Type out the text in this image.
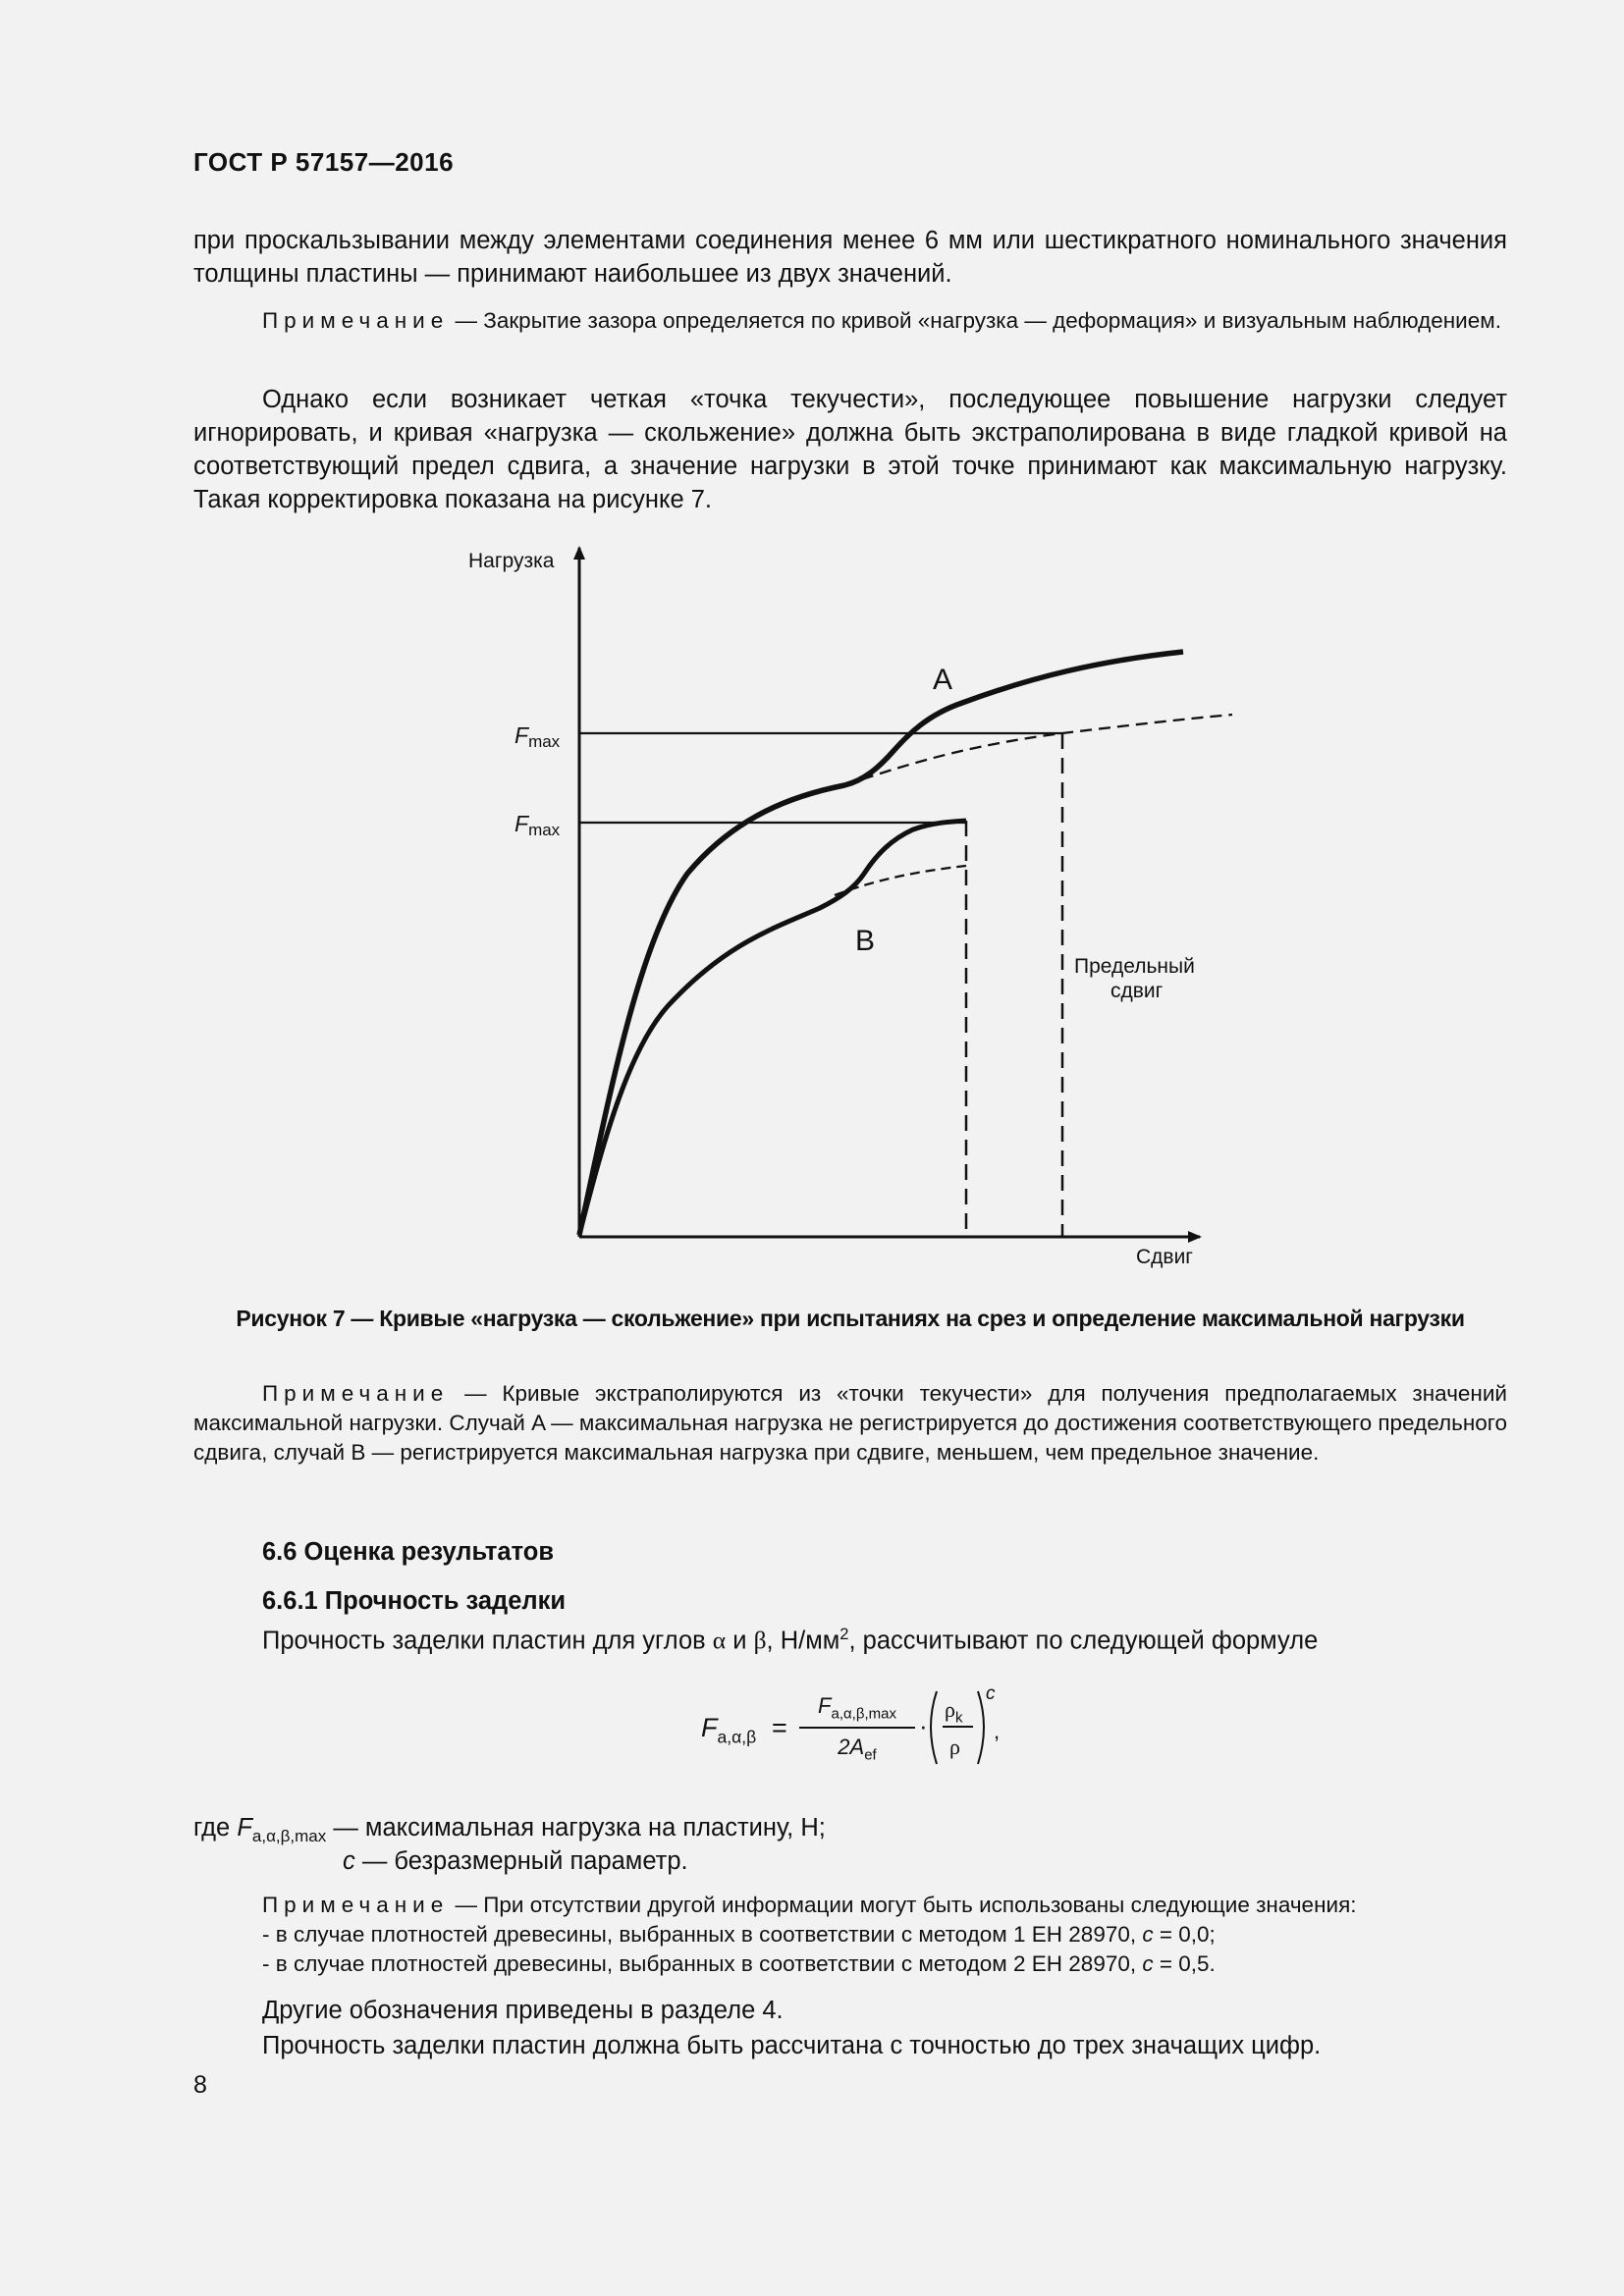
ГОСТ Р 57157—2016
при проскальзывании между элементами соединения менее 6 мм или шестикратного номинального значения толщины пластины — принимают наибольшее из двух значений.
Примечание — Закрытие зазора определяется по кривой «нагрузка — деформация» и визуальным наблюдением.
Однако если возникает четкая «точка текучести», последующее повышение нагрузки следует игнорировать, и кривая «нагрузка — скольжение» должна быть экстраполирована в виде гладкой кривой на соответствующий предел сдвига, а значение нагрузки в этой точке принимают как максимальную нагрузку. Такая корректировка показана на рисунке 7.
Нагрузка
Сдвиг
Fmax
Fmax
A
B
Предельный
сдвиг
Рисунок 7 — Кривые «нагрузка — скольжение» при испытаниях на срез и определение максимальной нагрузки
Примечание — Кривые экстраполируются из «точки текучести» для получения предполагаемых значений максимальной нагрузки. Случай A — максимальная нагрузка не регистрируется до достижения соответствующего предельного сдвига, случай B — регистрируется максимальная нагрузка при сдвиге, меньшем, чем предельное значение.
6.6 Оценка результатов
6.6.1 Прочность заделки
Прочность заделки пластин для углов α и β, $Н/мм^2$, рассчитывают по следующей формуле
$F_{a,\alpha,\beta}$ =
$F_{a,\alpha,\beta,max}$
$2A_{ef}$
·
$\rho_k$
ρ
c
,
где $F_{a,\alpha,\beta,max}$ — максимальная нагрузка на пластину, Н;
c — безразмерный параметр.
Примечание — При отсутствии другой информации могут быть использованы следующие значения:
- в случае плотностей древесины, выбранных в соответствии с методом 1 ЕН 28970, c = 0,0;
- в случае плотностей древесины, выбранных в соответствии с методом 2 ЕН 28970, c = 0,5.
Другие обозначения приведены в разделе 4.
Прочность заделки пластин должна быть рассчитана с точностью до трех значащих цифр.
8
